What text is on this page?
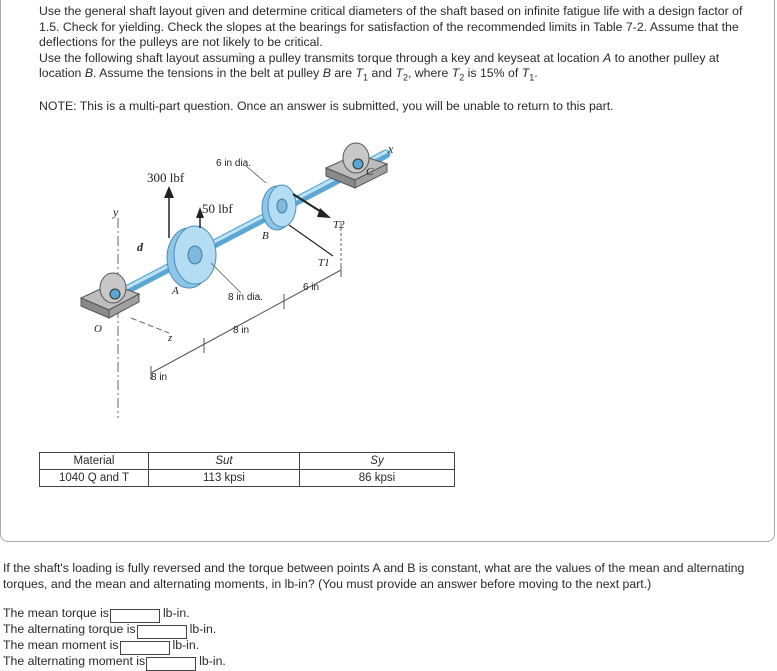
Use the general shaft layout given and determine critical diameters of the shaft based on infinite fatigue life with a design factor of 1.5. Check for yielding. Check the slopes at the bearings for satisfaction of the recommended limits in Table 7-2. Assume that the deflections for the pulleys are not likely to be critical.

Use the following shaft layout assuming a pulley transmits torque through a key and keyseat at location A to another pulley at location B. Assume the tensions in the belt at pulley B are $T_1$ and $T_2$, where $T_2$ is 15% of $T_1$.

NOTE: This is a multi-part question. Once an answer is submitted, you will be unable to return to this part.

300 lbf
50 lbf
6 in dia.
8 in dia.
8 in
8 in
6 in
d
A
B
C
O
x
y
z
T2
T1
Material	Sut	Sy
1040 Q and T	113 kpsi	86 kpsi

If the shaft's loading is fully reversed and the torque between points A and B is constant, what are the values of the mean and alternating torques, and the mean and alternating moments, in lb-in? (You must provide an answer before moving to the next part.)

The mean torque is	lb-in.
The alternating torque is	lb-in.
The mean moment is	lb-in.
The alternating moment is	lb-in.
